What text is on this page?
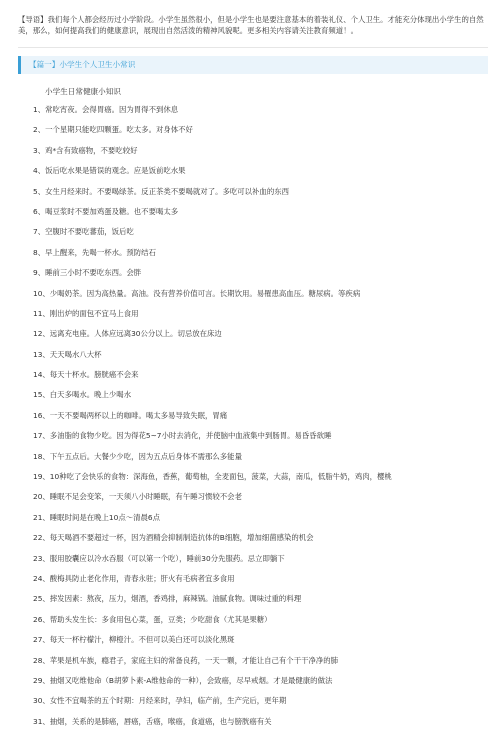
【导语】我们每个人都会经历过小学阶段。小学生虽然很小，但是小学生也是要注意基本的着装礼仪、个人卫生。才能充分体现出小学生的自然美，那么，如何提高我们的健康意识，展现出自然活泼的精神风貌呢。更多相关内容请关注教育频道！。

【篇一】小学生个人卫生小常识
小学生日常健康小知识
1、常吃宵夜。会得胃癌。因为胃得不到休息
2、一个星期只能吃四颗蛋。吃太多。对身体不好
3、鸡*含有致癌物，不要吃较好
4、饭后吃水果是错误的观念。应是饭前吃水果
5、女生月经来时。不要喝绿茶。反正茶类不要喝就对了。多吃可以补血的东西
6、喝豆浆时不要加鸡蛋及糖。也不要喝太多
7、空腹时不要吃蕃茄，饭后吃
8、早上醒来，先喝一杯水。预防结石
9、睡前三小时不要吃东西。会胖
10、少喝奶茶。因为高热量。高油。没有营养价值可言。长期饮用。易罹患高血压。糖尿病。等疾病
11、刚出炉的面包不宜马上食用
12、远离充电座。人体应远离30公分以上。切忌放在床边
13、天天喝水八大杯
14、每天十杯水。膀胱癌不会来
15、白天多喝水。晚上少喝水
16、一天不要喝两杯以上的咖啡。喝太多易导致失眠，胃痛
17、多油脂的食物少吃。因为得花5~7小时去消化，并使脑中血液集中到肠胃。易昏昏欲睡
18、下午五点后。大餐少少吃，因为五点后身体不需那么多能量
19、10种吃了会快乐的食物：深海鱼，香蕉，葡萄柚，全麦面包，菠菜，大蒜，南瓜，低脂牛奶，鸡肉，樱桃
20、睡眠不足会变笨，一天须八小时睡眠，有午睡习惯较不会老
21、睡眠时间是在晚上10点～清晨6点
22、每天喝酒不要超过一杯，因为酒精会抑制制造抗体的B细胞，增加细菌感染的机会
23、服用胶囊应以冷水吞服（可以第一个吃），睡前30分先服药。忌立即躺下
24、酸梅具防止老化作用，青春永驻；肝火有毛病者宜多食用
25、摔发因素：熬夜，压力，烟酒，香鸡排，麻辣锅。油腻食物。调味过重的料理
26、帮助头发生长：多食用包心菜，蛋，豆类；少吃甜食（尤其是果糖）
27、每天一杯柠檬汁，柳橙汁。不但可以美白还可以淡化黑斑
28、苹果是机车族，瘾君子，家庭主妇的常备良药，一天一颗，才能让自己有个干干净净的肺
29、抽烟又吃维他命（B胡萝卜素-A维他命的一种），会致癌，尽早戒烟。才是最健康的做法
30、女性不宜喝茶的五个时期：月经来时，孕妇，临产前，生产完后，更年期
31、抽烟，关系的是肺癌，唇癌，舌癌，喉癌，食道癌，也与膀胱癌有关
